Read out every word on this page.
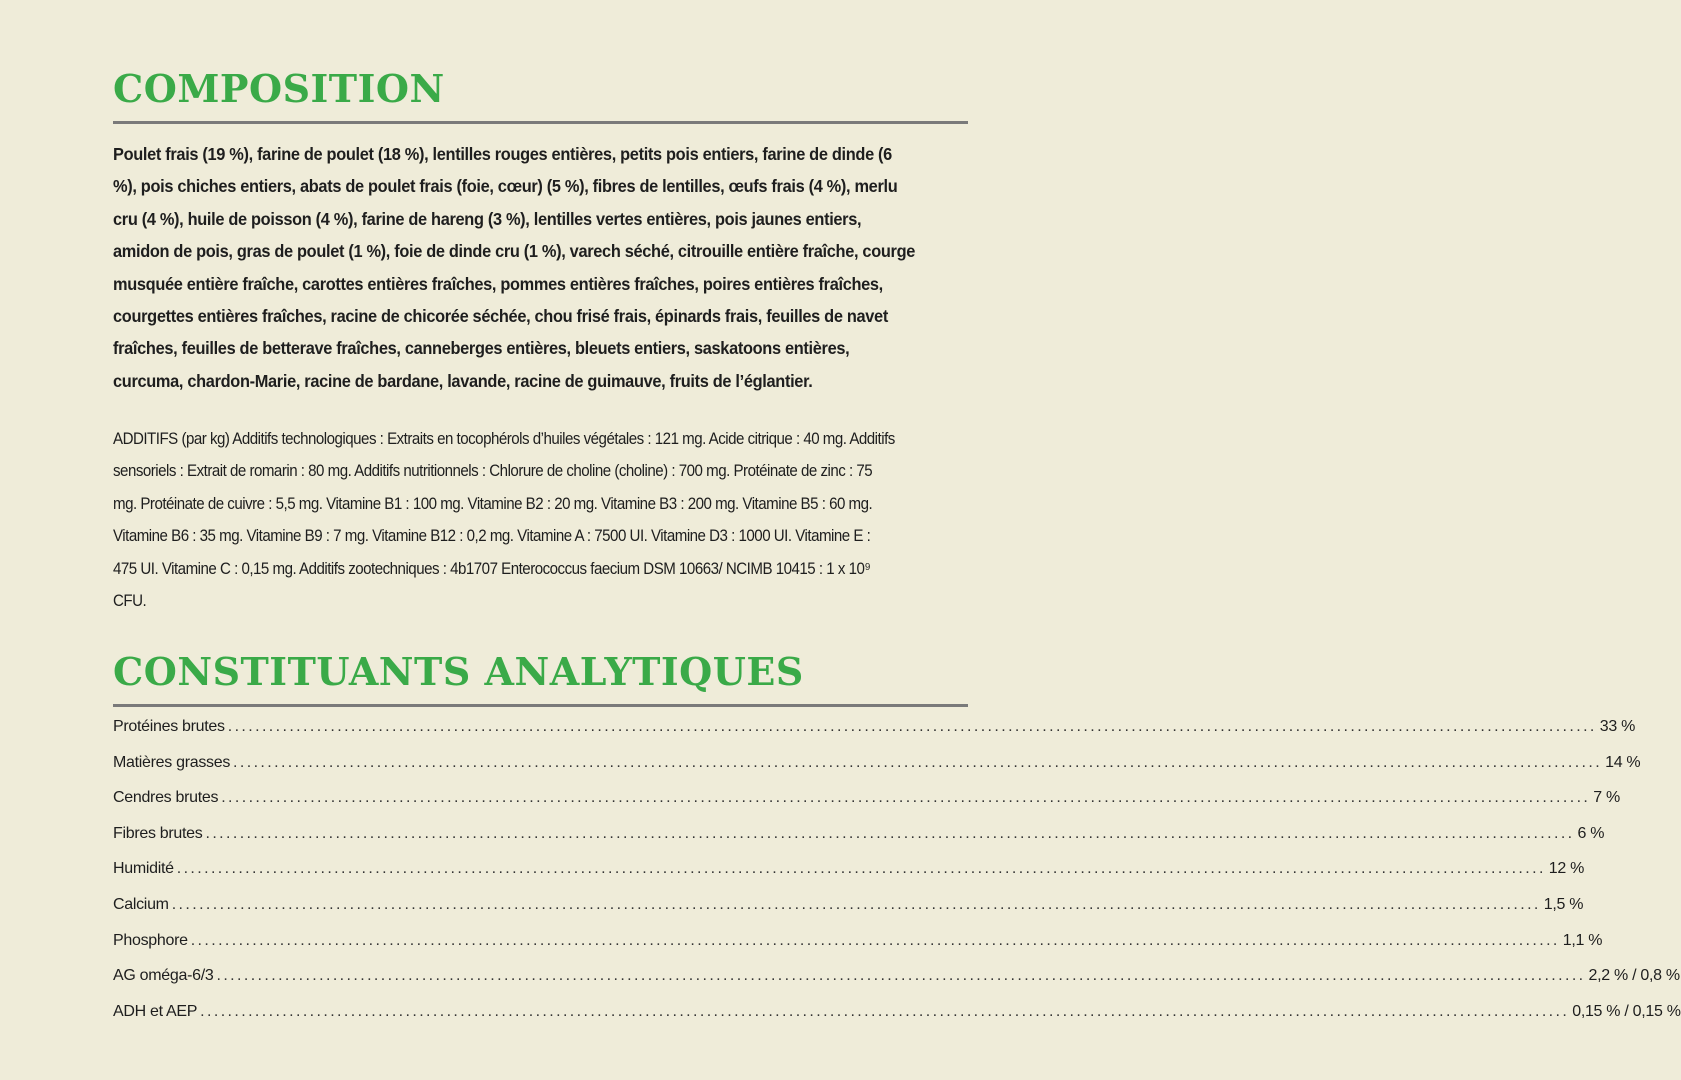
COMPOSITION

Poulet frais (19 %), farine de poulet (18 %), lentilles rouges entières, petits pois entiers, farine de dinde (6 %), pois chiches entiers, abats de poulet frais (foie, cœur) (5 %), fibres de lentilles, œufs frais (4 %), merlu cru (4 %), huile de poisson (4 %), farine de hareng (3 %), lentilles vertes entières, pois jaunes entiers, amidon de pois, gras de poulet (1 %), foie de dinde cru (1 %), varech séché, citrouille entière fraîche, courge musquée entière fraîche, carottes entières fraîches, pommes entières fraîches, poires entières fraîches, courgettes entières fraîches, racine de chicorée séchée, chou frisé frais, épinards frais, feuilles de navet fraîches, feuilles de betterave fraîches, canneberges entières, bleuets entiers, saskatoons entières, curcuma, chardon-Marie, racine de bardane, lavande, racine de guimauve, fruits de l’églantier.

ADDITIFS (par kg) Additifs technologiques : Extraits en tocophérols d’huiles végétales : 121 mg. Acide citrique : 40 mg. Additifs sensoriels : Extrait de romarin : 80 mg. Additifs nutritionnels : Chlorure de choline (choline) : 700 mg. Protéinate de zinc : 75 mg. Protéinate de cuivre : 5,5 mg. Vitamine B1 : 100 mg. Vitamine B2 : 20 mg. Vitamine B3 : 200 mg. Vitamine B5 : 60 mg. Vitamine B6 : 35 mg. Vitamine B9 : 7 mg. Vitamine B12 : 0,2 mg. Vitamine A : 7500 UI. Vitamine D3 : 1000 UI. Vitamine E : 475 UI. Vitamine C : 0,15 mg. Additifs zootechniques : 4b1707 Enterococcus faecium DSM 10663/ NCIMB 10415 : 1 x 10⁹ CFU.

CONSTITUANTS ANALYTIQUES
Protéines brutes ........................................................................................................................................................................................................ 33 %
Matières grasses ........................................................................................................................................................................................................ 14 %
Cendres brutes ........................................................................................................................................................................................................ 7 %
Fibres brutes ........................................................................................................................................................................................................ 6 %
Humidité ........................................................................................................................................................................................................ 12 %
Calcium ........................................................................................................................................................................................................ 1,5 %
Phosphore ........................................................................................................................................................................................................ 1,1 %
AG oméga-6/3 ........................................................................................................................................................................................................ 2,2 % / 0,8 %
ADH et AEP ........................................................................................................................................................................................................ 0,15 % / 0,15 %
